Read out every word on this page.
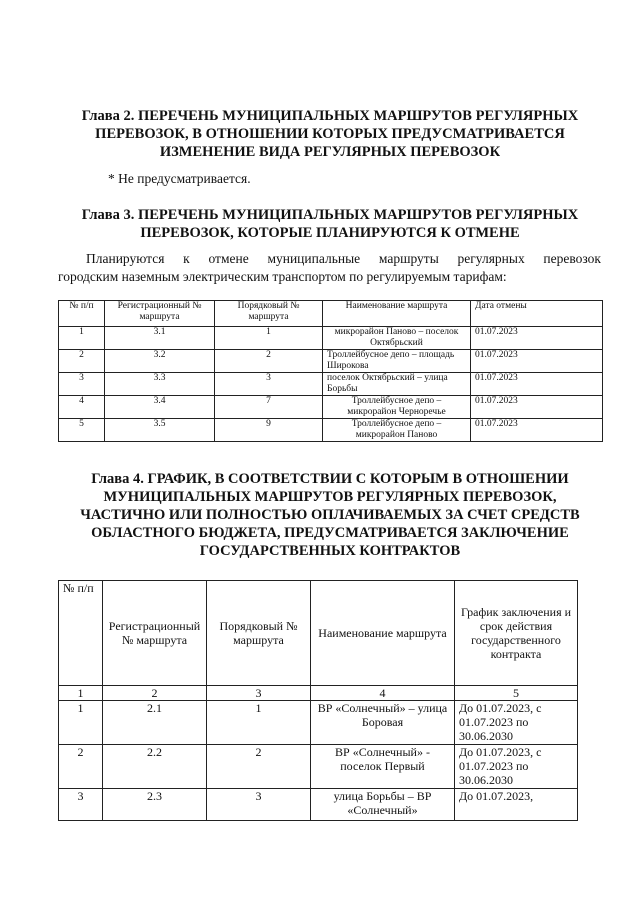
Глава 2. ПЕРЕЧЕНЬ МУНИЦИПАЛЬНЫХ МАРШРУТОВ РЕГУЛЯРНЫХ
ПЕРЕВОЗОК, В ОТНОШЕНИИ КОТОРЫХ ПРЕДУСМАТРИВАЕТСЯ
ИЗМЕНЕНИЕ ВИДА РЕГУЛЯРНЫХ ПЕРЕВОЗОК
* Не предусматривается.
Глава 3. ПЕРЕЧЕНЬ МУНИЦИПАЛЬНЫХ МАРШРУТОВ РЕГУЛЯРНЫХ
ПЕРЕВОЗОК, КОТОРЫЕ ПЛАНИРУЮТСЯ К ОТМЕНЕ
Планируются к отмене муниципальные маршруты регулярных перевозок
городским наземным электрическим транспортом по регулируемым тарифам:
№ п/п	Регистрационный № маршрута	Порядковый № маршрута	Наименование маршрута	Дата отмены
1	3.1	1	микрорайон Паново – поселок Октябрьский	01.07.2023
2	3.2	2	Троллейбусное депо – площадь Широкова	01.07.2023
3	3.3	3	поселок Октябрьский – улица Борьбы	01.07.2023
4	3.4	7	Троллейбусное депо – микрорайон Черноречье	01.07.2023
5	3.5	9	Троллейбусное депо – микрорайон Паново	01.07.2023
Глава 4. ГРАФИК, В СООТВЕТСТВИИ С КОТОРЫМ В ОТНОШЕНИИ
МУНИЦИПАЛЬНЫХ МАРШРУТОВ РЕГУЛЯРНЫХ ПЕРЕВОЗОК,
ЧАСТИЧНО ИЛИ ПОЛНОСТЬЮ ОПЛАЧИВАЕМЫХ ЗА СЧЕТ СРЕДСТВ
ОБЛАСТНОГО БЮДЖЕТА, ПРЕДУСМАТРИВАЕТСЯ ЗАКЛЮЧЕНИЕ
ГОСУДАРСТВЕННЫХ КОНТРАКТОВ
№ п/п	Регистрационный № маршрута	Порядковый № маршрута	Наименование маршрута	График заключения и срок действия государственного контракта
1	2	3	4	5
1	2.1	1	ВР «Солнечный» – улица Боровая	До 01.07.2023, с 01.07.2023 по 30.06.2030
2	2.2	2	ВР «Солнечный» - поселок Первый	До 01.07.2023, с 01.07.2023 по 30.06.2030
3	2.3	3	улица Борьбы – ВР «Солнечный»	До 01.07.2023,
